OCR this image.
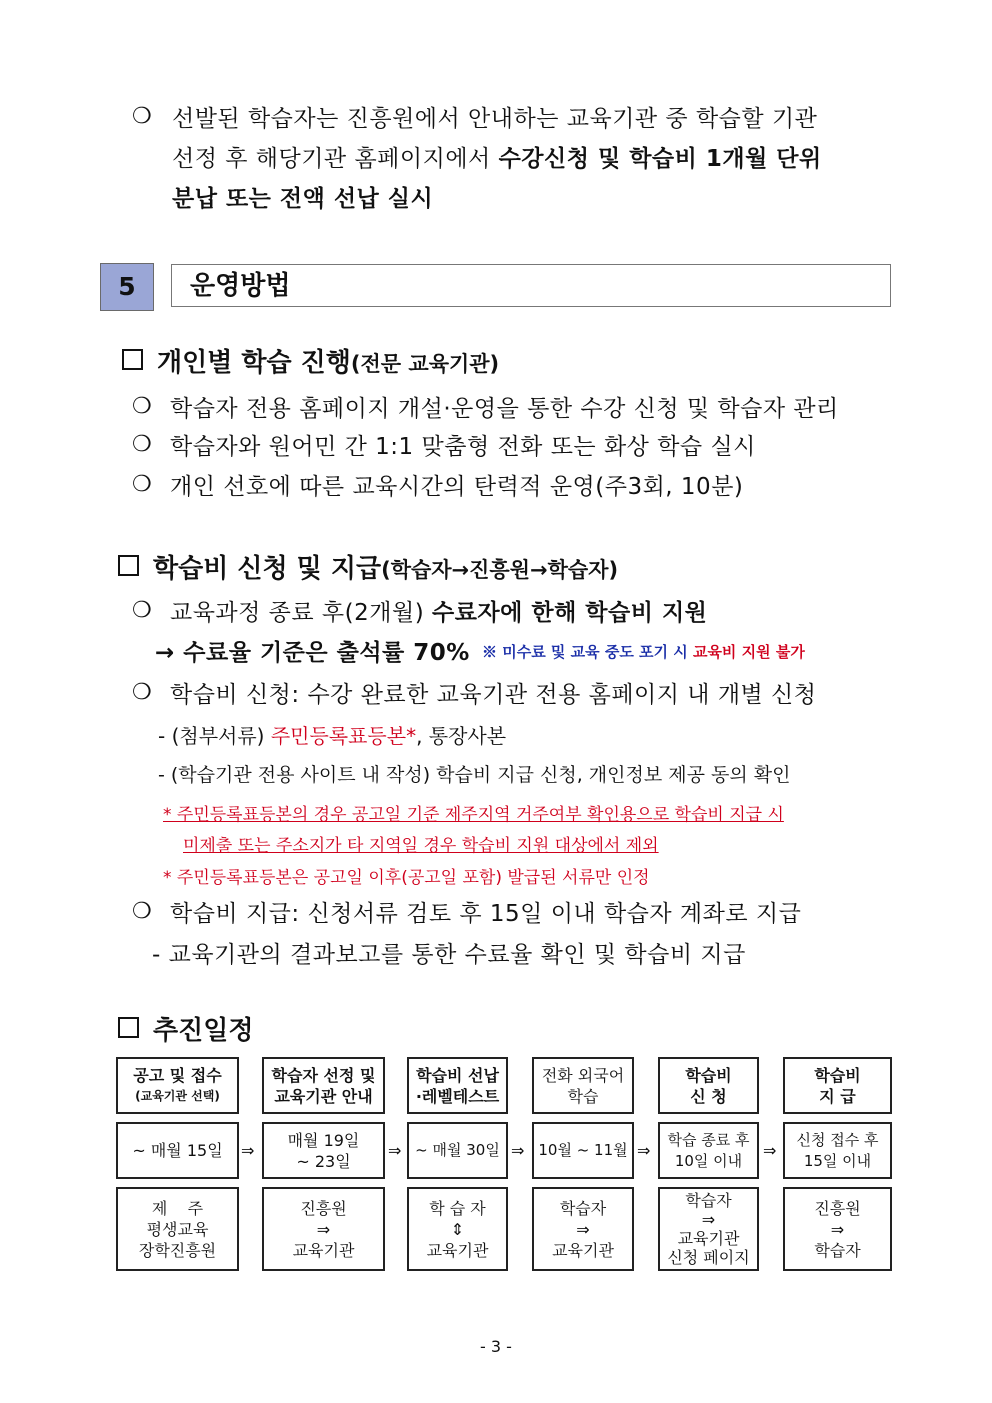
❍ 선발된 학습자는 진흥원에서 안내하는 교육기관 중 학습할 기관
선정 후 해당기관 홈페이지에서 수강신청 및 학습비 1개월 단위
분납 또는 전액 선납 실시
5	운영방법
개인별 학습 진행(전문 교육기관)
❍ 학습자 전용 홈페이지 개설·운영을 통한 수강 신청 및 학습자 관리
❍ 학습자와 원어민 간 1:1 맞춤형 전화 또는 화상 학습 실시
❍ 개인 선호에 따른 교육시간의 탄력적 운영(주3회, 10분)
학습비 신청 및 지급(학습자→진흥원→학습자)
❍ 교육과정 종료 후(2개월) 수료자에 한해 학습비 지원
→ 수료율 기준은 출석률 70% ※ 미수료 및 교육 중도 포기 시 교육비 지원 불가
❍ 학습비 신청: 수강 완료한 교육기관 전용 홈페이지 내 개별 신청
- (첨부서류) 주민등록표등본*, 통장사본
- (학습기관 전용 사이트 내 작성) 학습비 지급 신청, 개인정보 제공 동의 확인
* 주민등록표등본의 경우 공고일 기준 제주지역 거주여부 확인용으로 학습비 지급 시
미제출 또는 주소지가 타 지역일 경우 학습비 지원 대상에서 제외
* 주민등록표등본은 공고일 이후(공고일 포함) 발급된 서류만 인정
❍ 학습비 지급: 신청서류 검토 후 15일 이내 학습자 계좌로 지급
- 교육기관의 결과보고를 통한 수료율 확인 및 학습비 지급
추진일정
공고 및 접수
(교육기관 선택)
학습자 선정 및
교육기관 안내
학습비 선납
·레벨테스트
전화 외국어
학습
학습비
신 청
학습비
지 급
~ 매월 15일 ⇒
매월 19일
~ 23일
⇒ ~ 매월 30일 ⇒ 10월 ~ 11월 ⇒
학습 종료 후
10일 이내
⇒
신청 접수 후
15일 이내
제    주
평생교육
장학진흥원
진흥원
⇒
교육기관
학 습 자
⇕
교육기관
학습자
⇒
교육기관
학습자
⇒
교육기관
신청 페이지
진흥원
⇒
학습자
- 3 -
